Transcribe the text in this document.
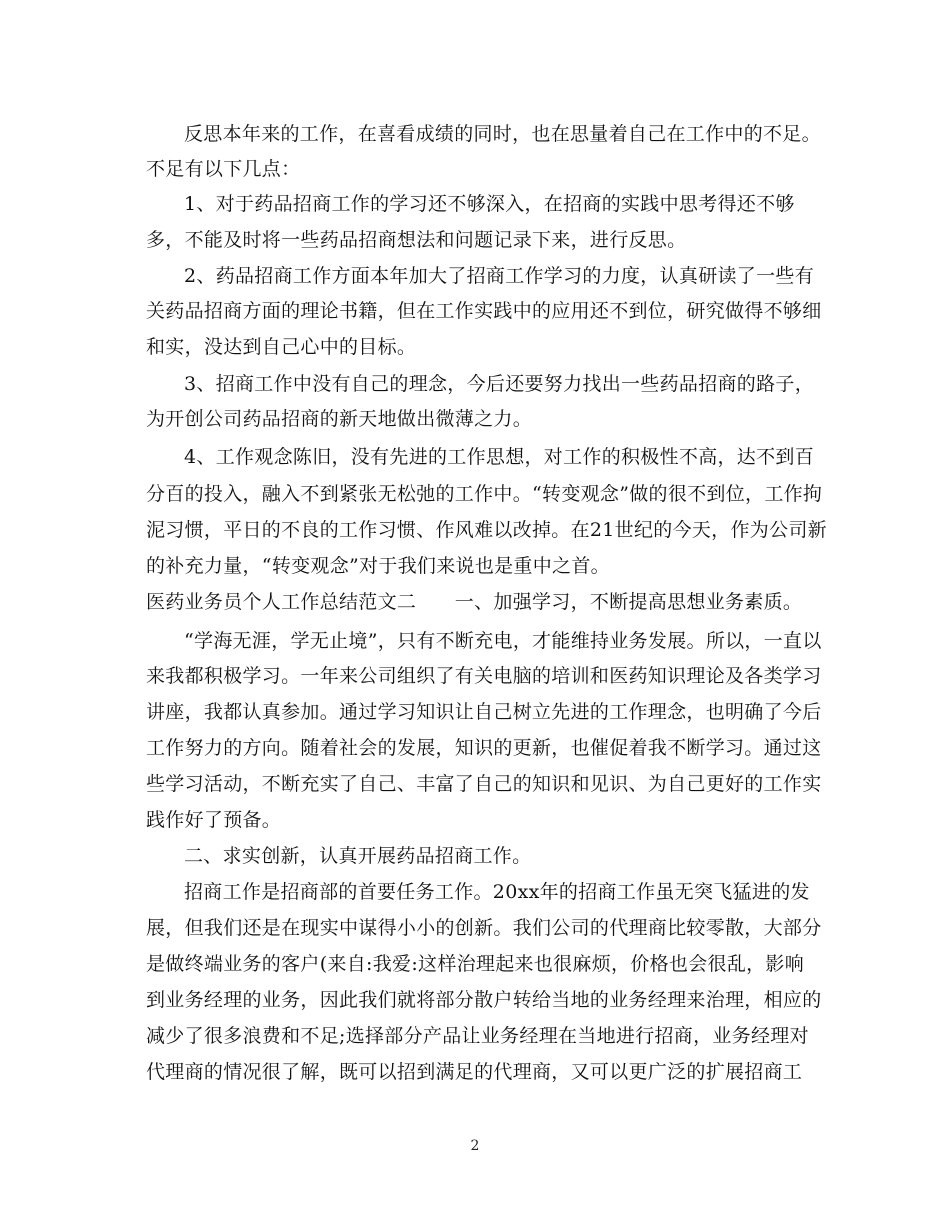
反思本年来的工作，在喜看成绩的同时，也在思量着自己在工作中的不足。
不足有以下几点：
1、对于药品招商工作的学习还不够深入，在招商的实践中思考得还不够
多，不能及时将一些药品招商想法和问题记录下来，进行反思。
2、药品招商工作方面本年加大了招商工作学习的力度，认真研读了一些有
关药品招商方面的理论书籍，但在工作实践中的应用还不到位，研究做得不够细
和实，没达到自己心中的目标。
3、招商工作中没有自己的理念，今后还要努力找出一些药品招商的路子，
为开创公司药品招商的新天地做出微薄之力。
4、工作观念陈旧，没有先进的工作思想，对工作的积极性不高，达不到百
分百的投入，融入不到紧张无松弛的工作中。“转变观念”做的很不到位，工作拘
泥习惯，平日的不良的工作习惯、作风难以改掉。在21世纪的今天，作为公司新
的补充力量，“转变观念”对于我们来说也是重中之首。
医药业务员个人工作总结范文二　　一、加强学习，不断提高思想业务素质。
“学海无涯，学无止境”，只有不断充电，才能维持业务发展。所以，一直以
来我都积极学习。一年来公司组织了有关电脑的培训和医药知识理论及各类学习
讲座，我都认真参加。通过学习知识让自己树立先进的工作理念，也明确了今后
工作努力的方向。随着社会的发展，知识的更新，也催促着我不断学习。通过这
些学习活动，不断充实了自己、丰富了自己的知识和见识、为自己更好的工作实
践作好了预备。
二、求实创新，认真开展药品招商工作。
招商工作是招商部的首要任务工作。20xx年的招商工作虽无突飞猛进的发
展，但我们还是在现实中谋得小小的创新。我们公司的代理商比较零散，大部分
是做终端业务的客户(来自:我爱:这样治理起来也很麻烦，价格也会很乱，影响
到业务经理的业务，因此我们就将部分散户转给当地的业务经理来治理，相应的
减少了很多浪费和不足;选择部分产品让业务经理在当地进行招商，业务经理对
代理商的情况很了解，既可以招到满足的代理商，又可以更广泛的扩展招商工
2
